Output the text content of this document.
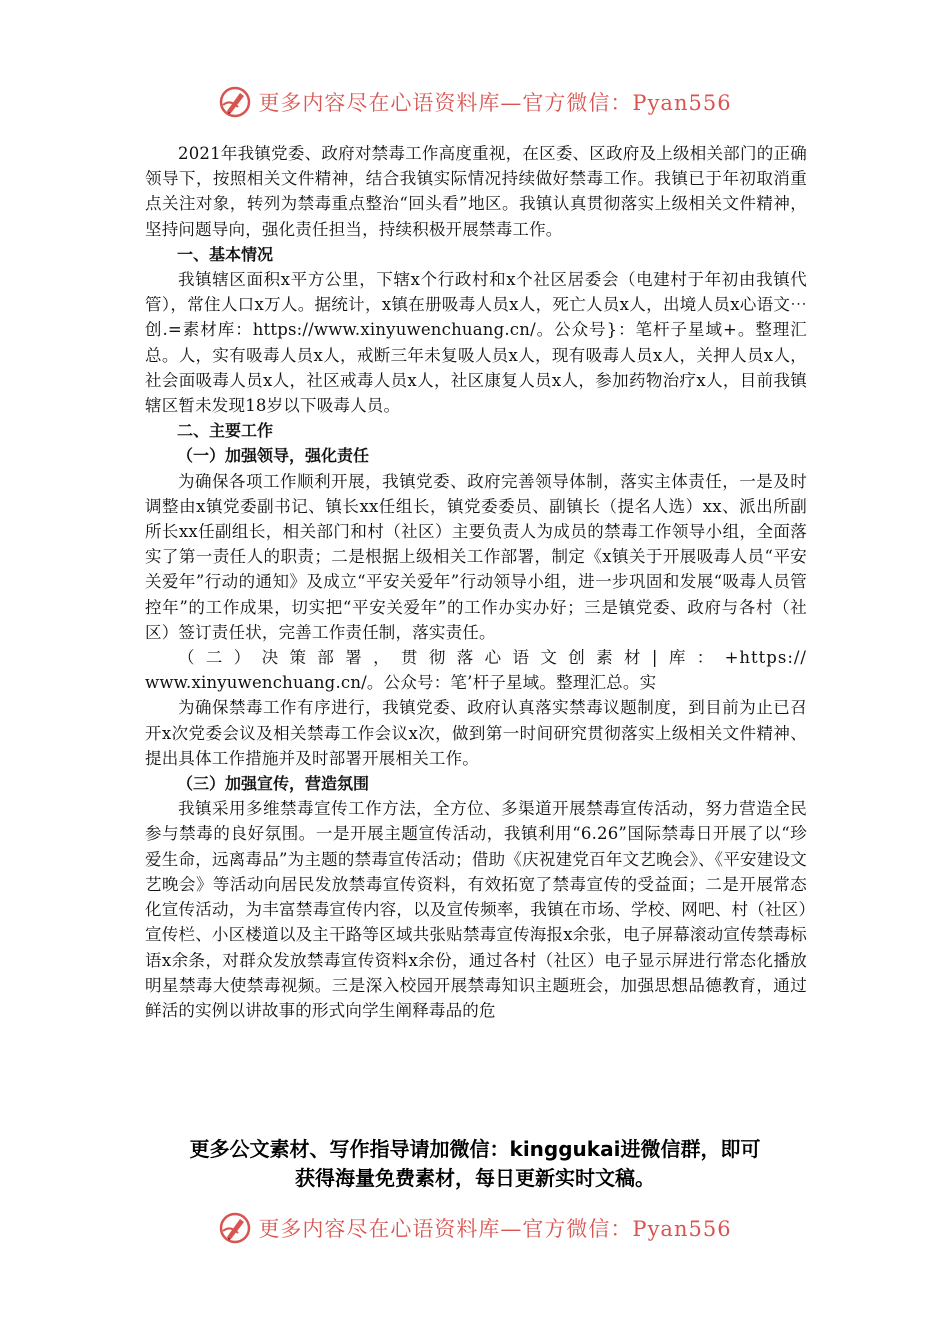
更多内容尽在心语资料库—官方微信：Pyan556

2021年我镇党委、政府对禁毒工作高度重视，在区委、区政府及上级相关部门的正确领导下，按照相关文件精神，结合我镇实际情况持续做好禁毒工作。我镇已于年初取消重点关注对象，转列为禁毒重点整治“回头看”地区。我镇认真贯彻落实上级相关文件精神，坚持问题导向，强化责任担当，持续积极开展禁毒工作。

一、基本情况

我镇辖区面积x平方公里，下辖x个行政村和x个社区居委会（电建村于年初由我镇代管），常住人口x万人。据统计，x镇在册吸毒人员x人，死亡人员x人，出境人员x心语文⋯创.=素材库：https://www.xinyuwenchuang.cn/。公众号}：笔杆子星域+。整理汇总。人，实有吸毒人员x人，戒断三年未复吸人员x人，现有吸毒人员x人，关押人员x人，社会面吸毒人员x人，社区戒毒人员x人，社区康复人员x人，参加药物治疗x人，目前我镇辖区暂未发现18岁以下吸毒人员。

二、主要工作

（一）加强领导，强化责任

为确保各项工作顺利开展，我镇党委、政府完善领导体制，落实主体责任，一是及时调整由x镇党委副书记、镇长xx任组长，镇党委委员、副镇长（提名人选）xx、派出所副所长xx任副组长，相关部门和村（社区）主要负责人为成员的禁毒工作领导小组，全面落实了第一责任人的职责；二是根据上级相关工作部署，制定《x镇关于开展吸毒人员“平安关爱年”行动的通知》及成立“平安关爱年”行动领导小组，进一步巩固和发展“吸毒人员管控年”的工作成果，切实把“平安关爱年”的工作办实办好；三是镇党委、政府与各村（社区）签订责任状，完善工作责任制，落实责任。

（二）决策部署，贯彻落心语文创素材|库：+https://

www.xinyuwenchuang.cn/。公众号：笔’杆子星域。整理汇总。实

为确保禁毒工作有序进行，我镇党委、政府认真落实禁毒议题制度，到目前为止已召开x次党委会议及相关禁毒工作会议x次，做到第一时间研究贯彻落实上级相关文件精神、提出具体工作措施并及时部署开展相关工作。

（三）加强宣传，营造氛围

我镇采用多维禁毒宣传工作方法，全方位、多渠道开展禁毒宣传活动，努力营造全民参与禁毒的良好氛围。一是开展主题宣传活动，我镇利用“6.26”国际禁毒日开展了以“珍爱生命，远离毒品”为主题的禁毒宣传活动；借助《庆祝建党百年文艺晚会》、《平安建设文艺晚会》等活动向居民发放禁毒宣传资料，有效拓宽了禁毒宣传的受益面；二是开展常态化宣传活动，为丰富禁毒宣传内容，以及宣传频率，我镇在市场、学校、网吧、村（社区）宣传栏、小区楼道以及主干路等区域共张贴禁毒宣传海报x余张，电子屏幕滚动宣传禁毒标语x余条，对群众发放禁毒宣传资料x余份，通过各村（社区）电子显示屏进行常态化播放明星禁毒大使禁毒视频。三是深入校园开展禁毒知识主题班会，加强思想品德教育，通过鲜活的实例以讲故事的形式向学生阐释毒品的危

更多公文素材、写作指导请加微信：kinggukai进微信群，即可
获得海量免费素材，每日更新实时文稿。
更多内容尽在心语资料库—官方微信：Pyan556
